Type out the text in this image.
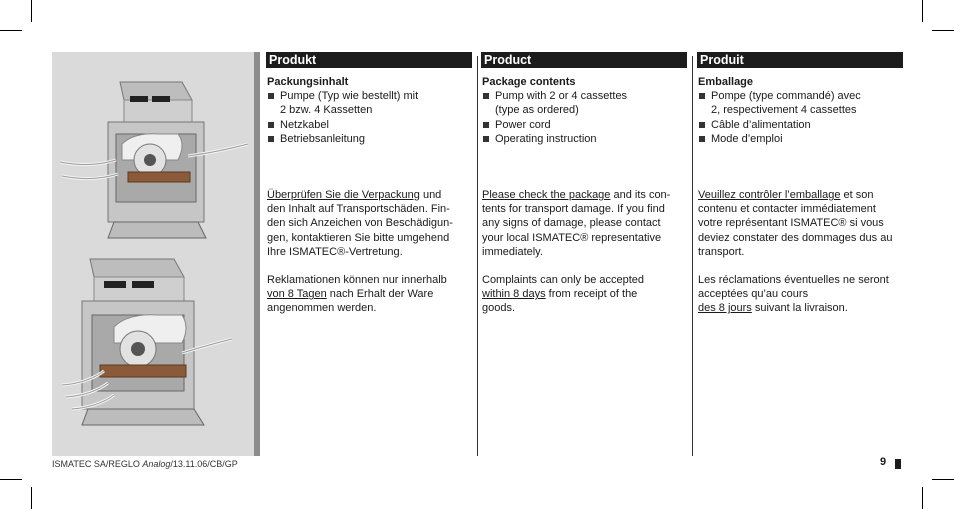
Produkt
Packungsinhalt
Pumpe (Typ wie bestellt) mit
2 bzw. 4 Kassetten
Netzkabel
Betriebsanleitung
Überprüfen Sie die Verpackung und
den Inhalt auf Transportschäden. Fin-
den sich Anzeichen von Beschädigun-
gen, kontaktieren Sie bitte umgehend
Ihre ISMATEC®-Vertretung.
Reklamationen können nur innerhalb
von 8 Tagen nach Erhalt der Ware
angenommen werden.
Product
Package contents
Pump with 2 or 4 cassettes
(type as ordered)
Power cord
Operating instruction
Please check the package and its con-
tents for transport damage. If you find
any signs of damage, please contact
your local ISMATEC® representative
immediately.
Complaints can only be accepted
within 8 days from receipt of the
goods.
Produit
Emballage
Pompe (type commandé) avec
2, respectivement 4 cassettes
Câble d’alimentation
Mode d’emploi
Veuillez contrôler l’emballage et son
contenu et contacter immédiatement
votre représentant ISMATEC® si vous
deviez constater des dommages dus au
transport.
Les réclamations éventuelles ne seront
acceptées qu’au cours
des 8 jours suivant la livraison.
ISMATEC SA/REGLO Analog/13.11.06/CB/GP	9
